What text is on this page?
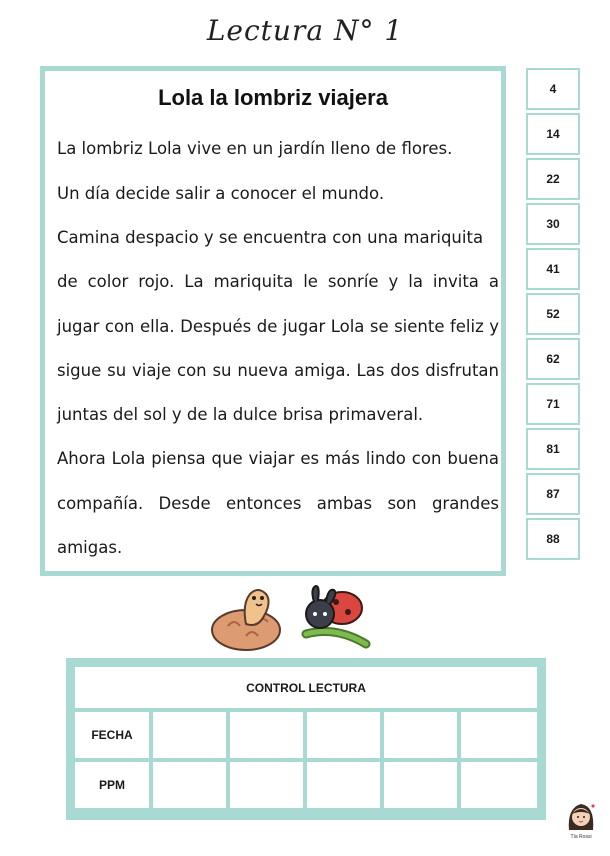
Lectura N° 1
Lola la lombriz viajera
La lombriz Lola vive en un jardín lleno de flores.
Un día decide salir a conocer el mundo.
Camina despacio y se encuentra con una mariquita
de color rojo. La mariquita le sonríe y la invita a
jugar con ella. Después de jugar Lola se siente feliz y
sigue su viaje con su nueva amiga. Las dos disfrutan
juntas del sol y de la dulce brisa primaveral.
Ahora Lola piensa que viajar es más lindo con buena
compañía. Desde entonces ambas son grandes
amigas.
4
14
22
30
41
52
62
71
81
87
88
CONTROL LECTURA
FECHA
PPM
Tía Rossi
